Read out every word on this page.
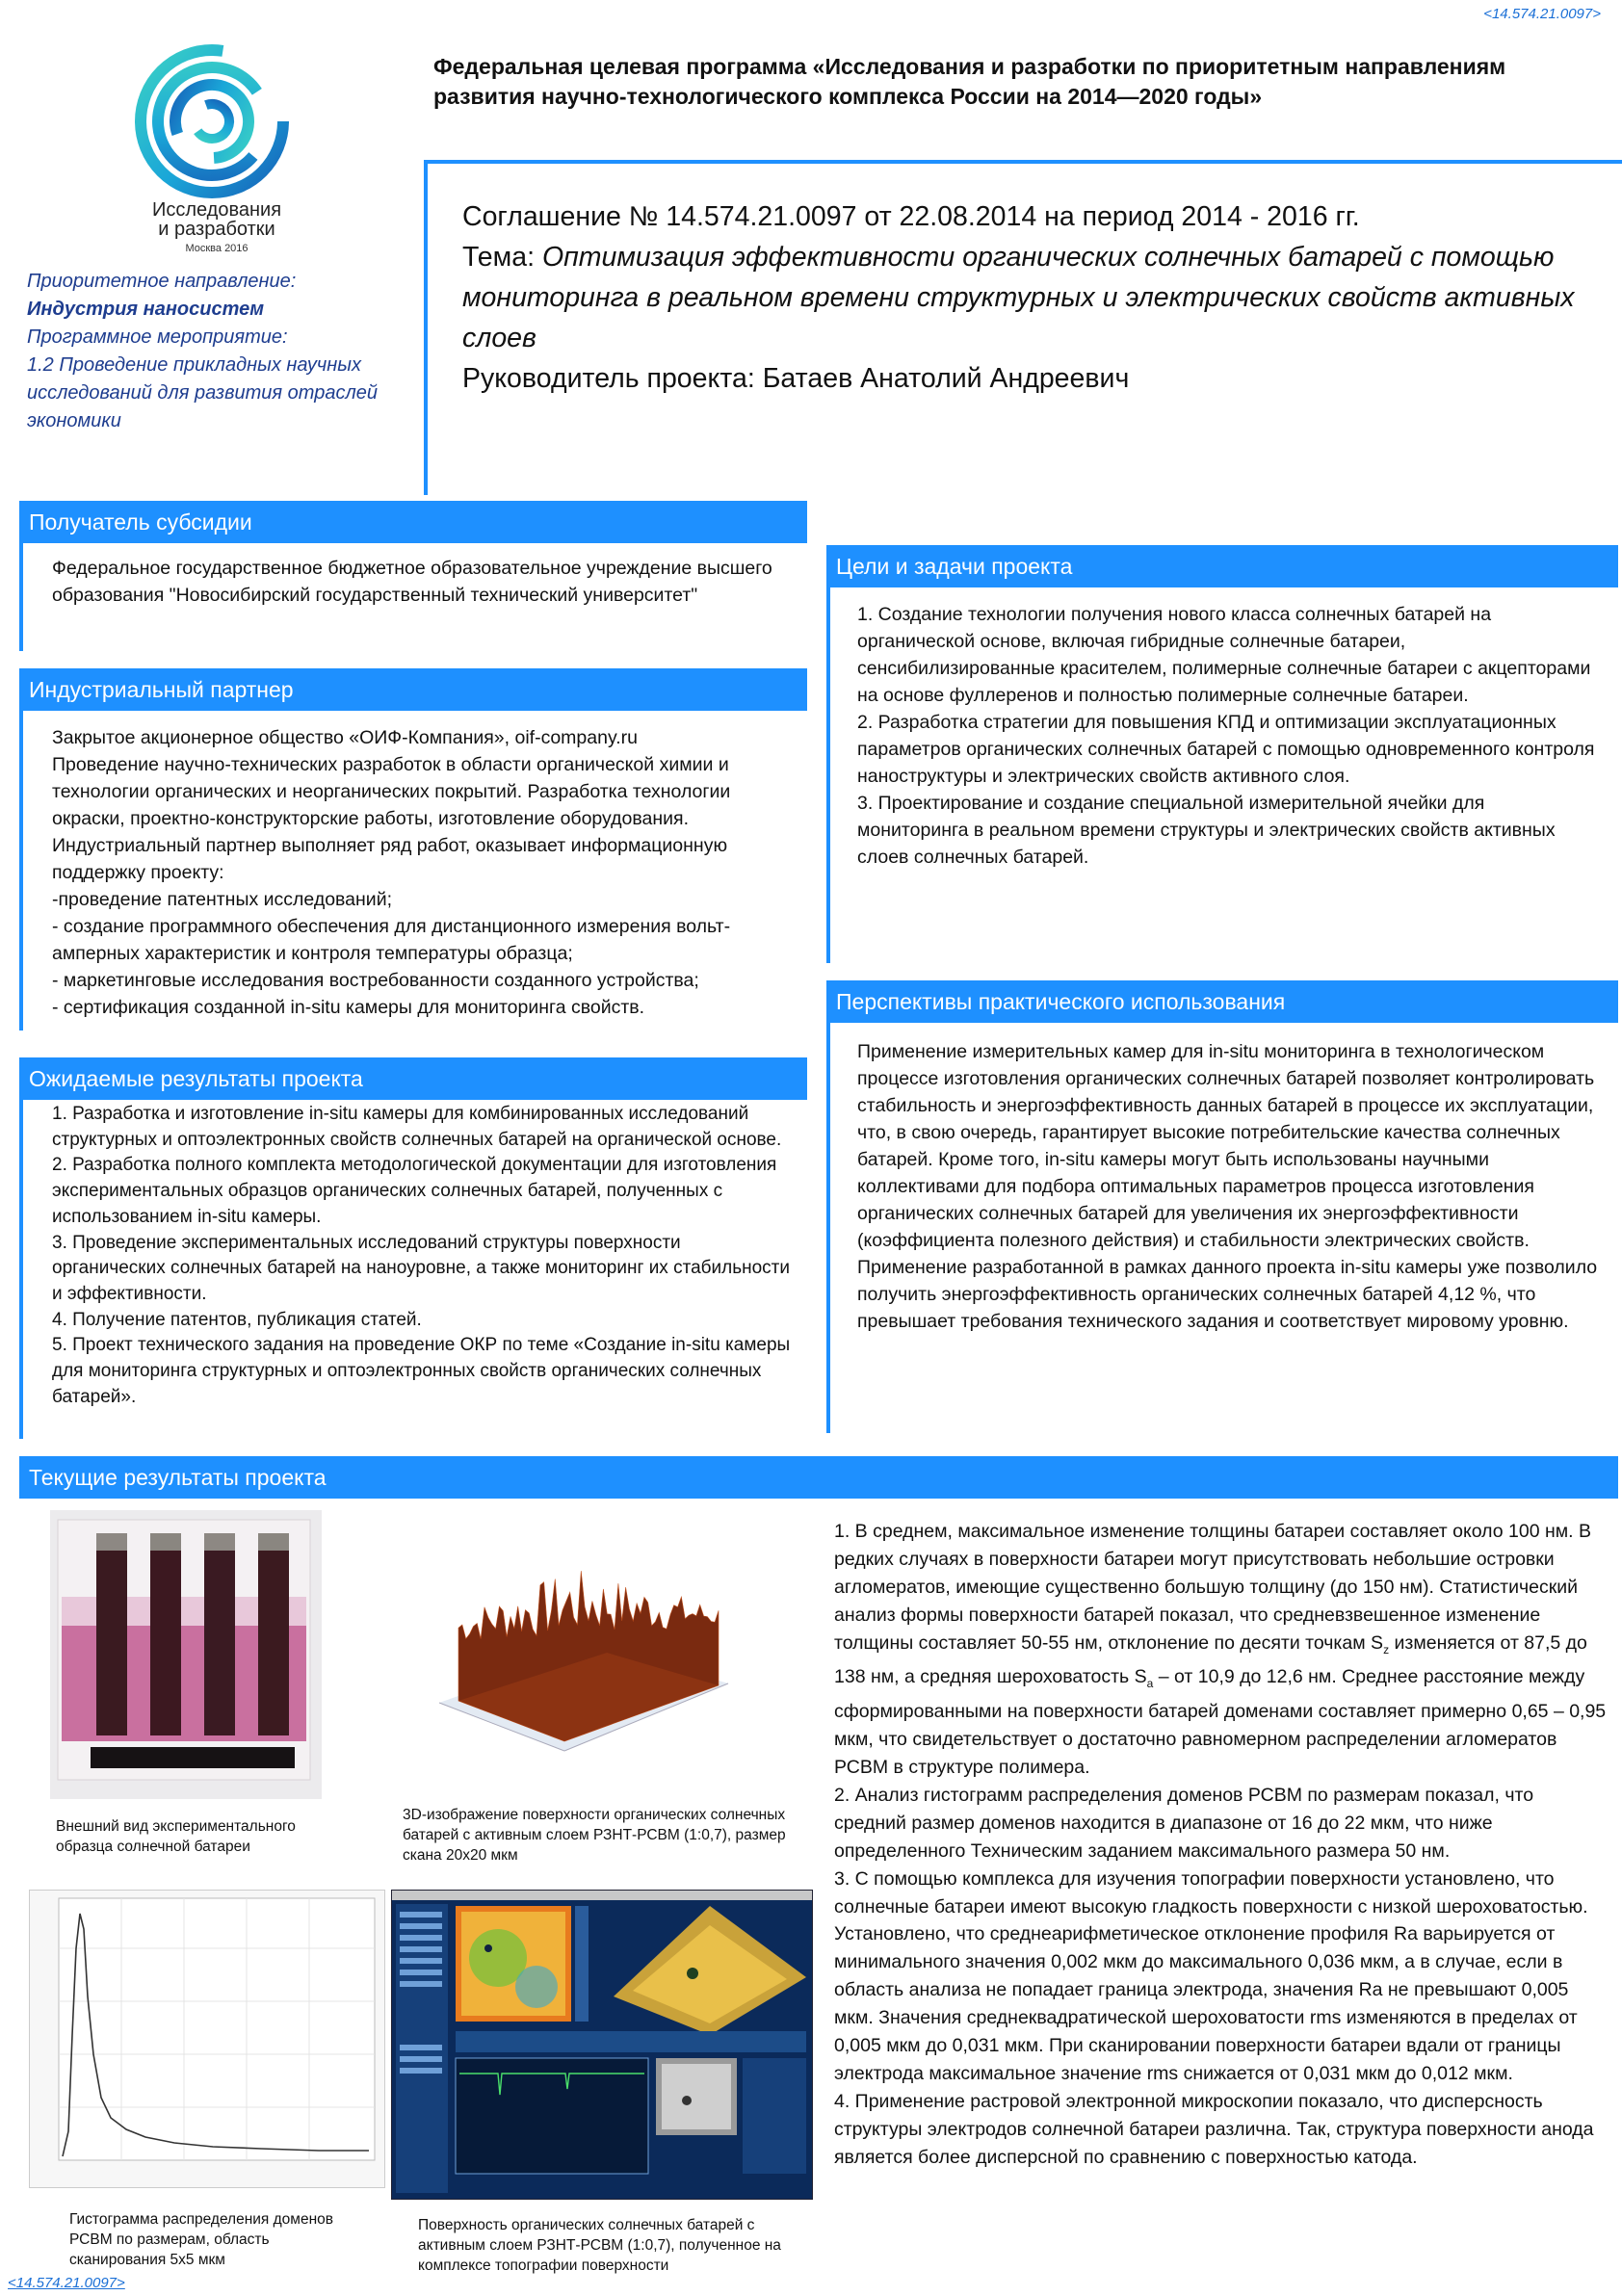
<14.574.21.0097>
Исследования
и разработки
Москва 2016
Федеральная целевая программа «Исследования и разработки по приоритетным направлениям развития научно-технологического комплекса России на 2014—2020 годы»
Приоритетное направление:
Индустрия наносистем
Программное мероприятие:
1.2 Проведение прикладных научных исследований для развития отраслей экономики
Соглашение № 14.574.21.0097 от 22.08.2014 на период 2014 - 2016 гг.
Тема: Оптимизация эффективности органических солнечных батарей с помощью мониторинга в реальном времени структурных и электрических свойств активных слоев
Руководитель проекта: Батаев Анатолий Андреевич
Получатель субсидии
Федеральное государственное бюджетное образовательное учреждение высшего образования "Новосибирский государственный технический университет"
Индустриальный партнер
Закрытое акционерное общество «ОИФ-Компания», oif-company.ru
Проведение научно-технических разработок в области органической химии и технологии органических и неорганических покрытий. Разработка технологии окраски, проектно-конструкторские работы, изготовление оборудования.
Индустриальный партнер выполняет ряд работ, оказывает информационную поддержку проекту:
-проведение патентных исследований;
- создание программного обеспечения для дистанционного измерения вольт-амперных характеристик и контроля температуры образца;
- маркетинговые исследования востребованности созданного устройства;
- сертификация созданной in-situ камеры для мониторинга свойств.
Ожидаемые результаты проекта
1. Разработка и изготовление in-situ камеры для комбинированных исследований структурных и оптоэлектронных свойств солнечных батарей на органической основе.
2. Разработка полного комплекта методологической документации для изготовления экспериментальных образцов органических солнечных батарей, полученных с использованием in-situ камеры.
3. Проведение экспериментальных исследований структуры поверхности органических солнечных батарей на наноуровне, а также мониторинг их стабильности и эффективности.
4. Получение патентов, публикация статей.
5. Проект технического задания на проведение ОКР по теме «Создание in-situ камеры для мониторинга структурных и оптоэлектронных свойств органических солнечных батарей».
Цели и задачи проекта
1. Создание технологии получения нового класса солнечных батарей на органической основе, включая гибридные солнечные батареи, сенсибилизированные красителем, полимерные солнечные батареи с акцепторами на основе фуллеренов и полностью полимерные солнечные батареи.
2. Разработка стратегии для повышения КПД и оптимизации эксплуатационных параметров органических солнечных батарей с помощью одновременного контроля наноструктуры и электрических свойств активного слоя.
3. Проектирование и создание специальной измерительной ячейки для мониторинга в реальном времени структуры и электрических свойств активных слоев солнечных батарей.
Перспективы практического использования
Применение измерительных камер для in-situ мониторинга в технологическом процессе изготовления органических солнечных батарей позволяет контролировать стабильность и энергоэффективность данных батарей в процессе их эксплуатации, что, в свою очередь, гарантирует высокие потребительские качества солнечных батарей. Кроме того, in-situ камеры могут быть использованы научными коллективами для подбора оптимальных параметров процесса изготовления органических солнечных батарей для увеличения их энергоэффективности (коэффициента полезного действия) и стабильности электрических свойств. Применение разработанной в рамках данного проекта in-situ камеры уже позволило получить энергоэффективность органических солнечных батарей 4,12 %, что превышает требования технического задания и соответствует мировому уровню.
Текущие результаты проекта
Внешний вид экспериментального образца солнечной батареи
3D-изображение поверхности органических солнечных батарей с активным слоем РЗНТ-РСВМ (1:0,7), размер скана 20х20 мкм
Гистограмма распределения доменов РСВМ по размерам, область сканирования 5х5 мкм
Поверхность органических солнечных батарей с активным слоем РЗНТ-РСВМ (1:0,7), полученное на комплексе топографии поверхности
1. В среднем, максимальное изменение толщины батареи составляет около 100 нм. В редких случаях в поверхности батареи могут присутствовать небольшие островки агломератов, имеющие существенно большую толщину (до 150 нм). Статистический анализ формы поверхности батарей показал, что средневзвешенное изменение толщины составляет 50-55 нм, отклонение по десяти точкам $S_z$ изменяется от 87,5 до 138 нм, а средняя шероховатость $S_a$ – от 10,9 до 12,6 нм. Среднее расстояние между сформированными на поверхности батарей доменами составляет примерно 0,65 – 0,95 мкм, что свидетельствует о достаточно равномерном распределении агломератов РСВМ в структуре полимера.
2. Анализ гистограмм распределения доменов РСВМ по размерам показал, что средний размер доменов находится в диапазоне от 16 до 22 мкм, что ниже определенного Техническим заданием максимального размера 50 нм.
3. С помощью комплекса для изучения топографии поверхности установлено, что солнечные батареи имеют высокую гладкость поверхности с низкой шероховатостью. Установлено, что среднеарифметическое отклонение профиля Ra варьируется от минимального значения 0,002 мкм до максимального 0,036 мкм, а в случае, если в область анализа не попадает граница электрода, значения Ra не превышают 0,005 мкм. Значения среднеквадратической шероховатости rms изменяются в пределах от 0,005 мкм до 0,031 мкм. При сканировании поверхности батареи вдали от границы электрода максимальное значение rms снижается от 0,031 мкм до 0,012 мкм.
4. Применение растровой электронной микроскопии показало, что дисперсность структуры электродов солнечной батареи различна. Так, структура поверхности анода является более дисперсной по сравнению с поверхностью катода.
<14.574.21.0097>
